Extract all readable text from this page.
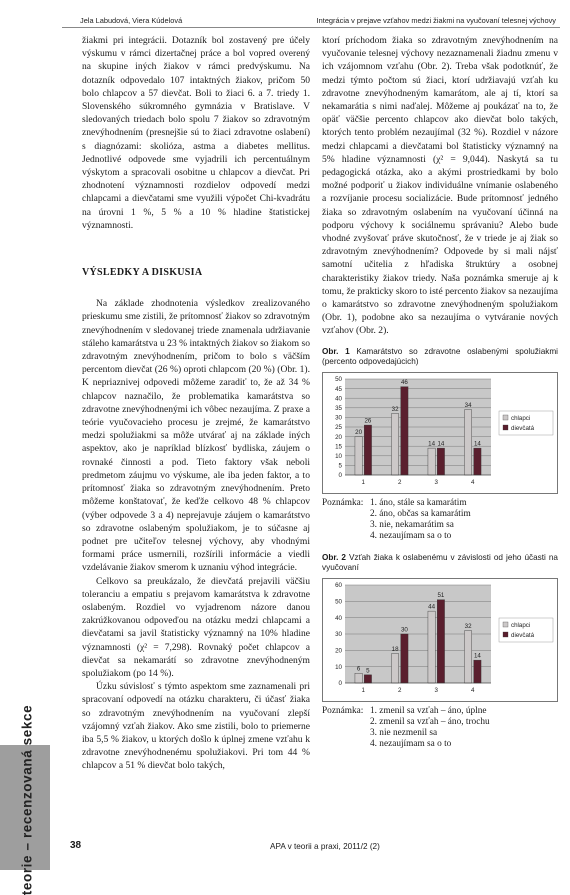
Jela Labudová, Viera Kúdelová	Integrácia v prejave vzťahov medzi žiakmi na vyučovaní telesnej výchovy
teorie – recenzovaná sekce

žiakmi pri integrácii. Dotazník bol zostavený pre účely výskumu v rámci dizertačnej práce a bol vopred overený na skupine iných žiakov v rámci predvýskumu. Na dotazník odpovedalo 107 intaktných žiakov, pričom 50 bolo chlapcov a 57 dievčat. Boli to žiaci 6. a 7. triedy 1. Slovenského súkromného gymnázia v Bratislave. V sledovaných triedach bolo spolu 7 žiakov so zdravotným znevýhodnením (presnejšie sú to žiaci zdravotne oslabení) s diagnózami: skolióza, astma a diabetes mellitus. Jednotlivé odpovede sme vyjadrili ich percentuálnym výskytom a spracovali osobitne u chlapcov a dievčat. Pri zhodnotení významnosti rozdielov odpovedí medzi chlapcami a dievčatami sme využili výpočet Chi-kvadrátu na úrovni 1 %, 5 % a 10 % hladine štatistickej významnosti.

VÝSLEDKY A DISKUSIA

Na základe zhodnotenia výsledkov zrealizovaného prieskumu sme zistili, že prítomnosť žiakov so zdravotným znevýhodnením v sledovanej triede znamenala udržiavanie stáleho kamarátstva u 23 % intaktných žiakov so žiakom so zdravotným znevýhodnením, pričom to bolo s väčším percentom dievčat (26 %) oproti chlapcom (20 %) (Obr. 1). K nepriaznivej odpovedi môžeme zaradiť to, že až 34 % chlapcov naznačilo, že problematika kamarátstva so zdravotne znevýhodnenými ich vôbec nezaujíma. Z praxe a teórie vyučovacieho procesu je zrejmé, že kamarátstvo medzi spolužiakmi sa môže utvárať aj na základe iných aspektov, ako je napríklad blízkosť bydliska, záujem o rovnaké činnosti a pod. Tieto faktory však neboli predmetom záujmu vo výskume, ale iba jeden faktor, a to prítomnosť žiaka so zdravotným znevýhodnením. Preto môžeme konštatovať, že keďže celkovo 48 % chlapcov (výber odpovede 3 a 4) neprejavuje záujem o kamarátstvo so zdravotne oslabeným spolužiakom, je to súčasne aj podnet pre učiteľov telesnej výchovy, aby vhodnými formami práce usmernili, rozšírili informácie a viedli vzdelávanie žiakov smerom k uznaniu výhod integrácie.

Celkovo sa preukázalo, že dievčatá prejavili väčšiu toleranciu a empatiu s prejavom kamarátstva k zdravotne oslabeným. Rozdiel vo vyjadrenom názore danou zakrúžkovanou odpoveďou na otázku medzi chlapcami a dievčatami sa javil štatisticky významný na 10% hladine významnosti (χ² = 7,298). Rovnaký počet chlapcov a dievčat sa nekamarátí so zdravotne znevýhodneným spolužiakom (po 14 %).

Úzku súvislosť s týmto aspektom sme zaznamenali pri spracovaní odpovedí na otázku charakteru, či účasť žiaka so zdravotným znevýhodnením na vyučovaní zlepší vzájomný vzťah žiakov. Ako sme zistili, bolo to priemerne iba 5,5 % žiakov, u ktorých došlo k úplnej zmene vzťahu k zdravotne znevýhodnenému spolužiakovi. Pri tom 44 % chlapcov a 51 % dievčat bolo takých,

ktorí príchodom žiaka so zdravotným znevýhodnením na vyučovanie telesnej výchovy nezaznamenali žiadnu zmenu v ich vzájomnom vzťahu (Obr. 2). Treba však podotknúť, že medzi týmto počtom sú žiaci, ktorí udržiavajú vzťah ku zdravotne znevýhodneným kamarátom, ale aj tí, ktorí sa nekamarátia s nimi naďalej. Môžeme aj poukázať na to, že opäť väčšie percento chlapcov ako dievčat bolo takých, ktorých tento problém nezaujímal (32 %). Rozdiel v názore medzi chlapcami a dievčatami bol štatisticky významný na 5% hladine významnosti (χ² = 9,044). Naskytá sa tu pedagogická otázka, ako a akými prostriedkami by bolo možné podporiť u žiakov individuálne vnímanie oslabeného a rozvíjanie procesu socializácie. Bude prítomnosť jedného žiaka so zdravotným oslabením na vyučovaní účinná na podporu výchovy k sociálnemu správaniu? Alebo bude vhodné zvyšovať práve skutočnosť, že v triede je aj žiak so zdravotným znevýhodnením? Odpovede by si mali nájsť samotní učitelia z hľadiska štruktúry a osobnej charakteristiky žiakov triedy. Naša poznámka smeruje aj k tomu, že prakticky skoro to isté percento žiakov sa nezaujíma o kamarátstvo so zdravotne znevýhodneným spolužiakom (Obr. 1), podobne ako sa nezaujíma o vytváranie nových vzťahov (Obr. 2).

Obr. 1 Kamarátstvo so zdravotne oslabenými spolužiakmi (percento odpovedajúcich)
0
5
10
15
20
25
30
35
40
45
50
1
20
26
2
32
46
3
14 14
4
34
14
chlapci
dievčatá
Poznámka: 1. áno, stále sa kamarátim
2. áno, občas sa kamarátim
3. nie, nekamarátim sa
4. nezaujímam sa o to
Obr. 2 Vzťah žiaka k oslabenému v závislosti od jeho účasti na vyučovaní
0
10
20
30
40
50
60
1
6 5
2
18
30
3
44
51
4
32
14
chlapci
dievčatá
Poznámka: 1. zmenil sa vzťah – áno, úplne
2. zmenil sa vzťah – áno, trochu
3. nie nezmenil sa
4. nezaujímam sa o to
38	APA v teorii a praxi, 2011/2 (2)
